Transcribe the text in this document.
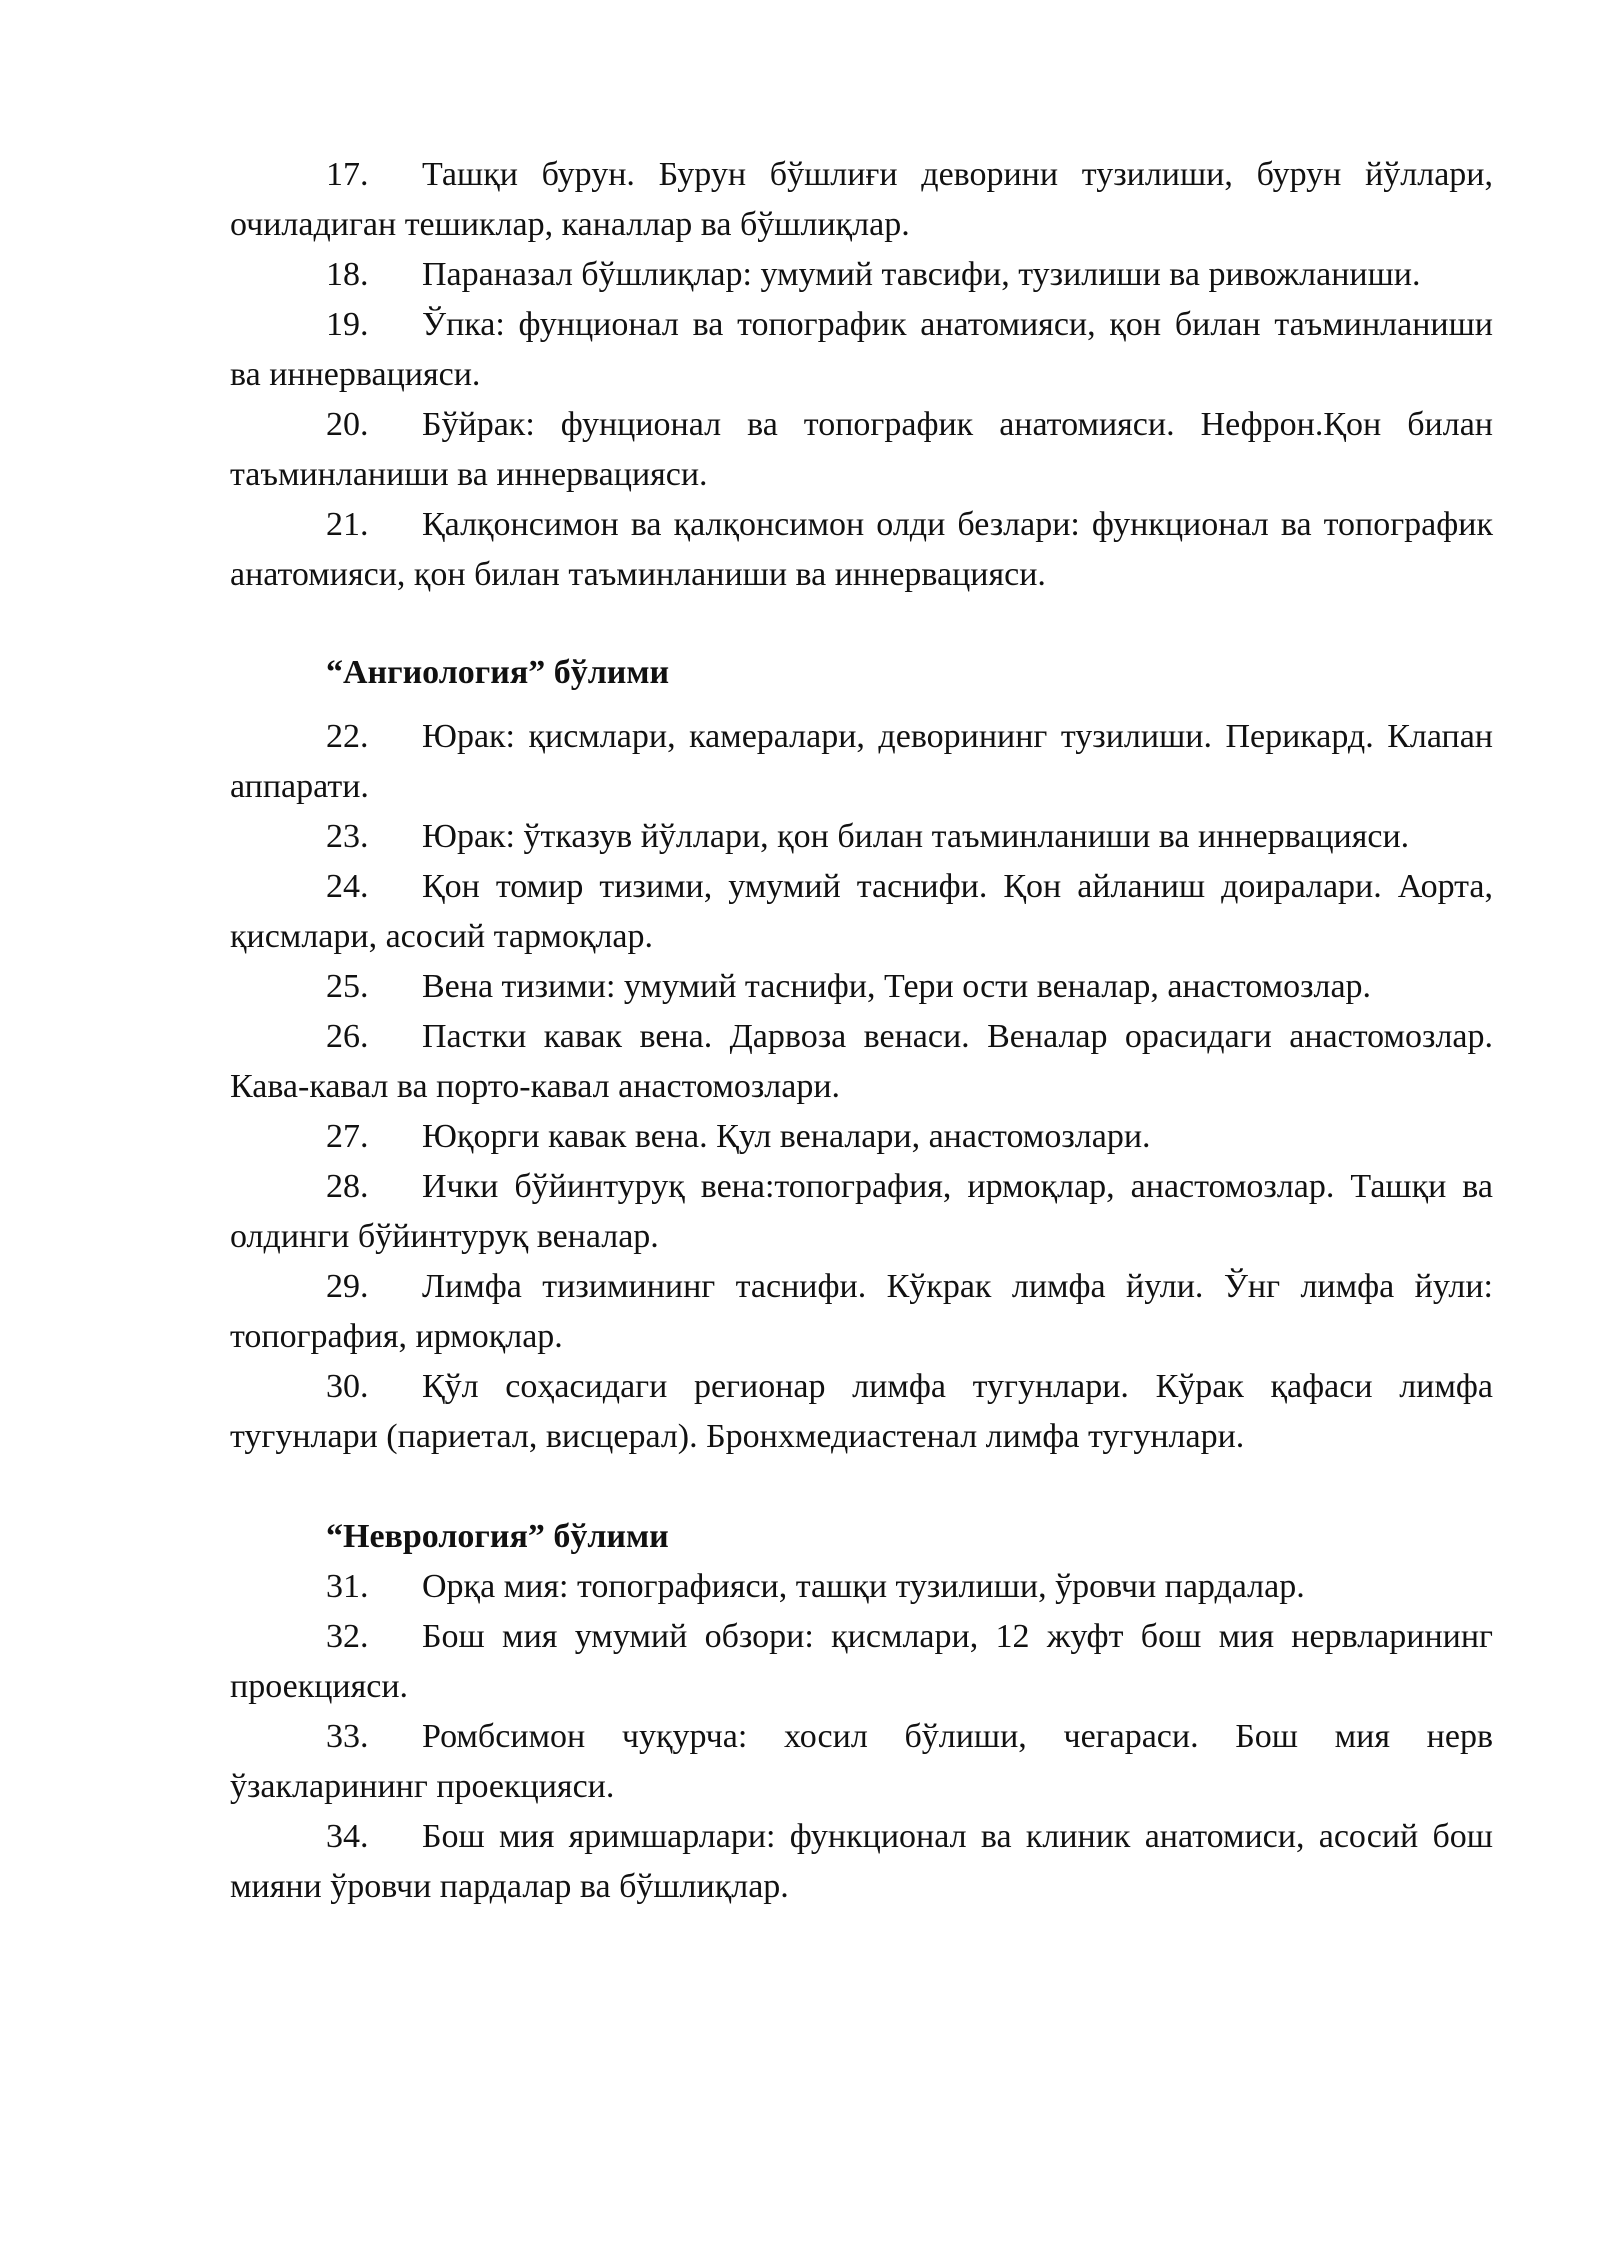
17. Ташқи бурун. Бурун бўшлиғи деворини тузилиши, бурун йўллари, очиладиган тешиклар, каналлар ва бўшлиқлар.

18. Параназал бўшлиқлар: умумий тавсифи, тузилиши ва ривожланиши.

19. Ўпка: фунционал ва топографик анатомияси, қон билан таъминланиши ва иннервацияси.

20. Бўйрак: фунционал ва топографик анатомияси. Нефрон.Қон билан таъминланиши ва иннервацияси.

21. Қалқонсимон ва қалқонсимон олди безлари: функционал ва топографик анатомияси, қон билан таъминланиши ва иннервацияси.

“Ангиология” бўлими

22. Юрак: қисмлари, камералари, деворининг тузилиши. Перикард. Клапан аппарати.

23. Юрак: ўтказув йўллари, қон билан таъминланиши ва иннервацияси.

24. Қон томир тизими, умумий таснифи. Қон айланиш доиралари. Аорта, қисмлари, асосий тармоқлар.

25. Вена тизими: умумий таснифи, Тери ости веналар, анастомозлар.

26. Пастки кавак вена. Дарвоза венаси. Веналар орасидаги анастомозлар. Кава-кавал ва порто-кавал анастомозлари.

27. Юқорги кавак вена. Қул веналари, анастомозлари.

28. Ички бўйинтуруқ вена:топография, ирмоқлар, анастомозлар. Ташқи ва олдинги бўйинтуруқ веналар.

29. Лимфа тизимининг таснифи. Кўкрак лимфа йули. Ўнг лимфа йули: топография, ирмоқлар.

30. Қўл соҳасидаги регионар лимфа тугунлари. Кўрак қафаси лимфа тугунлари (париетал, висцерал). Бронхмедиастенал лимфа тугунлари.

“Неврология” бўлими

31. Орқа мия: топографияси, ташқи тузилиши, ўровчи пардалар.

32. Бош мия умумий обзори: қисмлари, 12 жуфт бош мия нервларининг проекцияси.

33. Ромбсимон чуқурча: хосил бўлиши, чегараси. Бош мия нерв ўзакларининг проекцияси.

34. Бош мия яримшарлари: функционал ва клиник анатомиси, асосий бош мияни ўровчи пардалар ва бўшлиқлар.
